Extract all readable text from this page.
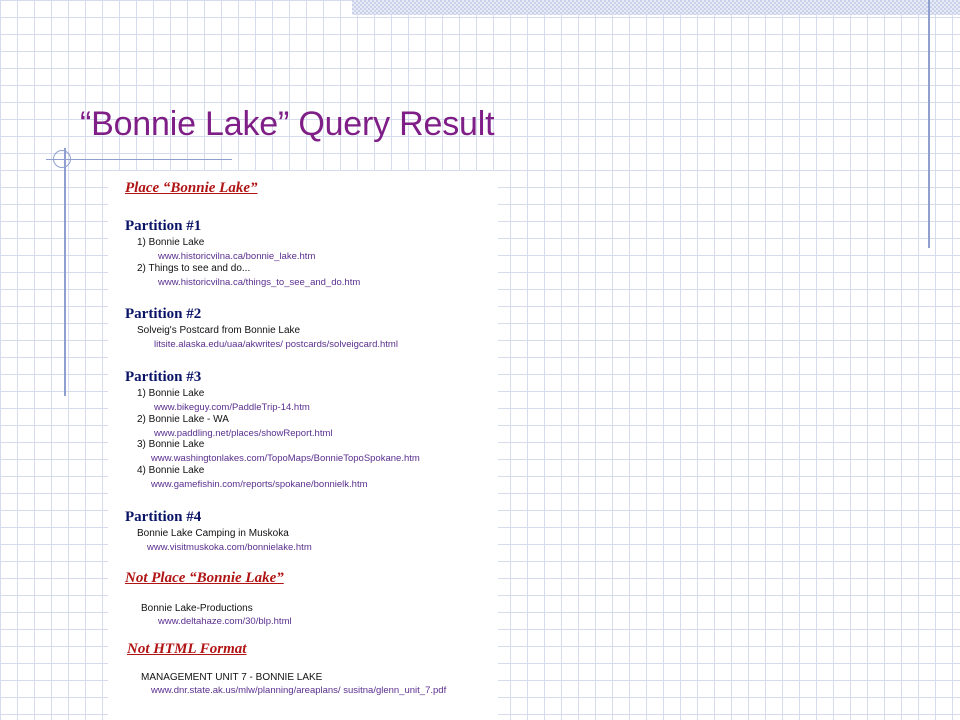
“Bonnie Lake” Query Result

Place “Bonnie Lake”

Partition #1

1) Bonnie Lake

www.historicvilna.ca/bonnie_lake.htm

2) Things to see and do...

www.historicvilna.ca/things_to_see_and_do.htm

Partition #2

Solveig's Postcard from Bonnie Lake

litsite.alaska.edu/uaa/akwrites/ postcards/solveigcard.html

Partition #3

1) Bonnie Lake

www.bikeguy.com/PaddleTrip-14.htm

2) Bonnie Lake - WA

www.paddling.net/places/showReport.html

3) Bonnie Lake

www.washingtonlakes.com/TopoMaps/BonnieTopoSpokane.htm

4) Bonnie Lake

www.gamefishin.com/reports/spokane/bonnielk.htm

Partition #4

Bonnie Lake Camping in Muskoka

www.visitmuskoka.com/bonnielake.htm

Not Place “Bonnie Lake”

Bonnie Lake-Productions

www.deltahaze.com/30/blp.html

Not HTML Format

MANAGEMENT UNIT 7 - BONNIE LAKE

www.dnr.state.ak.us/mlw/planning/areaplans/ susitna/glenn_unit_7.pdf
